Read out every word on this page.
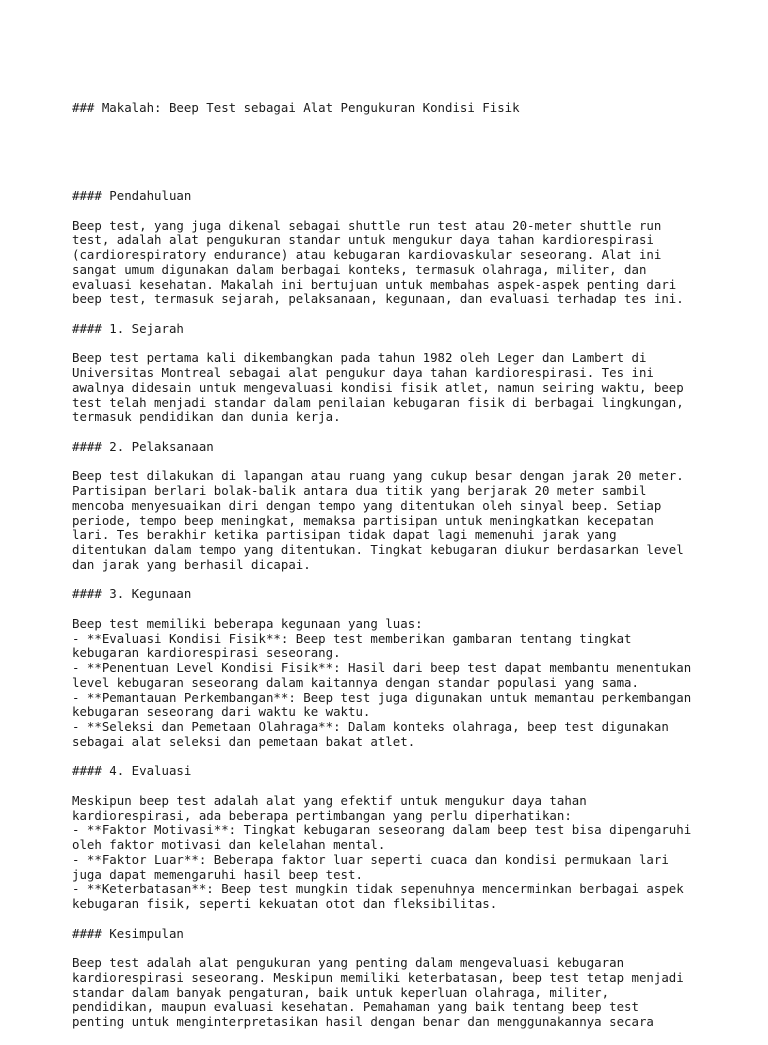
### Makalah: Beep Test sebagai Alat Pengukuran Kondisi Fisik

#### Pendahuluan
Beep test, yang juga dikenal sebagai shuttle run test atau 20-meter shuttle run
test, adalah alat pengukuran standar untuk mengukur daya tahan kardiorespirasi
(cardiorespiratory endurance) atau kebugaran kardiovaskular seseorang. Alat ini
sangat umum digunakan dalam berbagai konteks, termasuk olahraga, militer, dan
evaluasi kesehatan. Makalah ini bertujuan untuk membahas aspek-aspek penting dari
beep test, termasuk sejarah, pelaksanaan, kegunaan, dan evaluasi terhadap tes ini.
#### 1. Sejarah
Beep test pertama kali dikembangkan pada tahun 1982 oleh Leger dan Lambert di
Universitas Montreal sebagai alat pengukur daya tahan kardiorespirasi. Tes ini
awalnya didesain untuk mengevaluasi kondisi fisik atlet, namun seiring waktu, beep
test telah menjadi standar dalam penilaian kebugaran fisik di berbagai lingkungan,
termasuk pendidikan dan dunia kerja.
#### 2. Pelaksanaan
Beep test dilakukan di lapangan atau ruang yang cukup besar dengan jarak 20 meter.
Partisipan berlari bolak-balik antara dua titik yang berjarak 20 meter sambil
mencoba menyesuaikan diri dengan tempo yang ditentukan oleh sinyal beep. Setiap
periode, tempo beep meningkat, memaksa partisipan untuk meningkatkan kecepatan
lari. Tes berakhir ketika partisipan tidak dapat lagi memenuhi jarak yang
ditentukan dalam tempo yang ditentukan. Tingkat kebugaran diukur berdasarkan level
dan jarak yang berhasil dicapai.
#### 3. Kegunaan
Beep test memiliki beberapa kegunaan yang luas:
- **Evaluasi Kondisi Fisik**: Beep test memberikan gambaran tentang tingkat
kebugaran kardiorespirasi seseorang.
- **Penentuan Level Kondisi Fisik**: Hasil dari beep test dapat membantu menentukan
level kebugaran seseorang dalam kaitannya dengan standar populasi yang sama.
- **Pemantauan Perkembangan**: Beep test juga digunakan untuk memantau perkembangan
kebugaran seseorang dari waktu ke waktu.
- **Seleksi dan Pemetaan Olahraga**: Dalam konteks olahraga, beep test digunakan
sebagai alat seleksi dan pemetaan bakat atlet.
#### 4. Evaluasi
Meskipun beep test adalah alat yang efektif untuk mengukur daya tahan
kardiorespirasi, ada beberapa pertimbangan yang perlu diperhatikan:
- **Faktor Motivasi**: Tingkat kebugaran seseorang dalam beep test bisa dipengaruhi
oleh faktor motivasi dan kelelahan mental.
- **Faktor Luar**: Beberapa faktor luar seperti cuaca dan kondisi permukaan lari
juga dapat memengaruhi hasil beep test.
- **Keterbatasan**: Beep test mungkin tidak sepenuhnya mencerminkan berbagai aspek
kebugaran fisik, seperti kekuatan otot dan fleksibilitas.
#### Kesimpulan
Beep test adalah alat pengukuran yang penting dalam mengevaluasi kebugaran
kardiorespirasi seseorang. Meskipun memiliki keterbatasan, beep test tetap menjadi
standar dalam banyak pengaturan, baik untuk keperluan olahraga, militer,
pendidikan, maupun evaluasi kesehatan. Pemahaman yang baik tentang beep test
penting untuk menginterpretasikan hasil dengan benar dan menggunakannya secara
